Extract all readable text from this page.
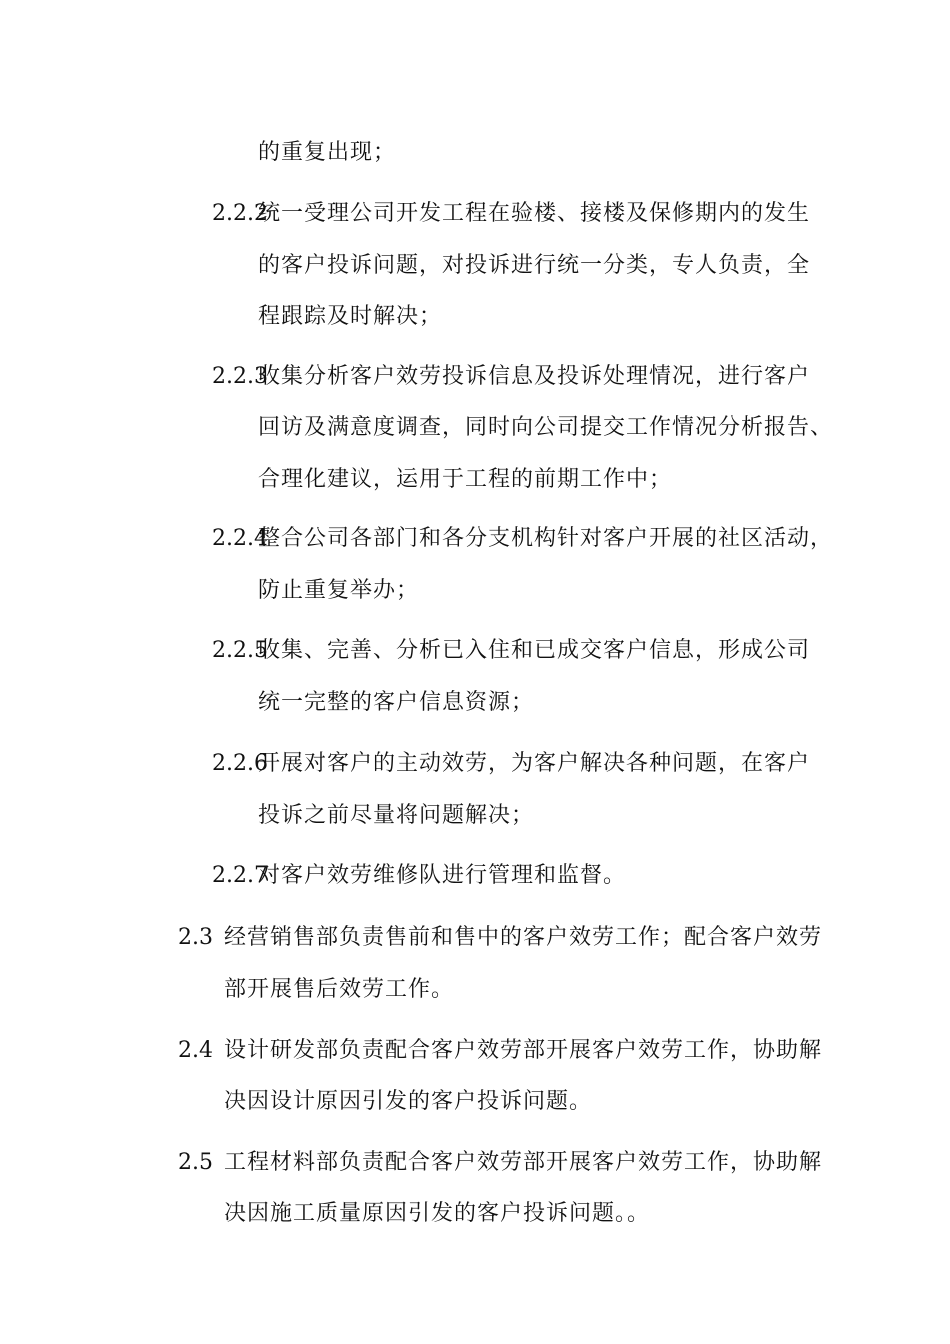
的重复出现；
2.2.2
统一受理公司开发工程在验楼、接楼及保修期内的发生
的客户投诉问题，对投诉进行统一分类，专人负责，全
程跟踪及时解决；
2.2.3
收集分析客户效劳投诉信息及投诉处理情况，进行客户
回访及满意度调查，同时向公司提交工作情况分析报告、
合理化建议，运用于工程的前期工作中；
2.2.4
整合公司各部门和各分支机构针对客户开展的社区活动，
防止重复举办；
2.2.5
收集、完善、分析已入住和已成交客户信息，形成公司
统一完整的客户信息资源；
2.2.6
开展对客户的主动效劳，为客户解决各种问题，在客户
投诉之前尽量将问题解决；
2.2.7
对客户效劳维修队进行管理和监督。
2.3 经营销售部负责售前和售中的客户效劳工作；配合客户效劳
部开展售后效劳工作。
2.4 设计研发部负责配合客户效劳部开展客户效劳工作，协助解
决因设计原因引发的客户投诉问题。
2.5 工程材料部负责配合客户效劳部开展客户效劳工作，协助解
决因施工质量原因引发的客户投诉问题。。
